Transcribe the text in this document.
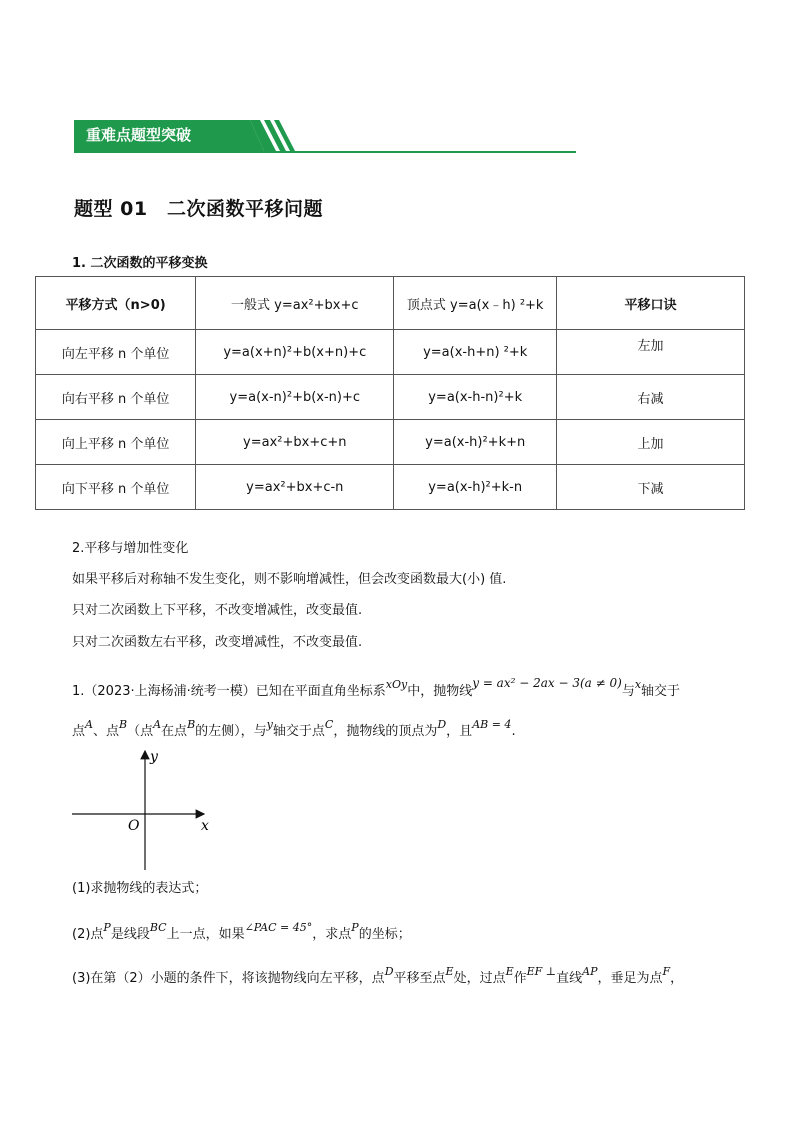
重难点题型突破
题型 01　二次函数平移问题
1. 二次函数的平移变换
平移方式（n>0)	一般式 y=ax²+bx+c	顶点式 y=a(x﹣h) ²+k	平移口诀
向左平移 n 个单位	y=a(x+n)²+b(x+n)+c	y=a(x-h+n) ²+k	左加
向右平移 n 个单位	y=a(x-n)²+b(x-n)+c	y=a(x-h-n)²+k	右减
向上平移 n 个单位	y=ax²+bx+c+n	y=a(x-h)²+k+n	上加
向下平移 n 个单位	y=ax²+bx+c-n	y=a(x-h)²+k-n	下减
2.平移与增加性变化
如果平移后对称轴不发生变化，则不影响增减性，但会改变函数最大(小) 值.
只对二次函数上下平移，不改变增减性，改变最值.
只对二次函数左右平移，改变增减性，不改变最值.
1.（2023·上海杨浦·统考一模）已知在平面直角坐标系$^{xOy}$中，抛物线y = ax² − 2ax − 3(a ≠ 0)与$^x$轴交于
点$^A$、点$^B$（点$^A$在点$^B$的左侧），与$^y$轴交于点$^C$，抛物线的顶点为$^D$，且$^{AB = 4}$.
y
x
O
(1)求抛物线的表达式；
(2)点$^P$是线段$^{BC}$上一点，如果$^{\angle PAC = 45^\circ}$，求点$^P$的坐标；
(3)在第（2）小题的条件下，将该抛物线向左平移，点$^D$平移至点$^E$处，过点$^E$作$^{EF \perp}$直线$^{AP}$，垂足为点$^F$，
